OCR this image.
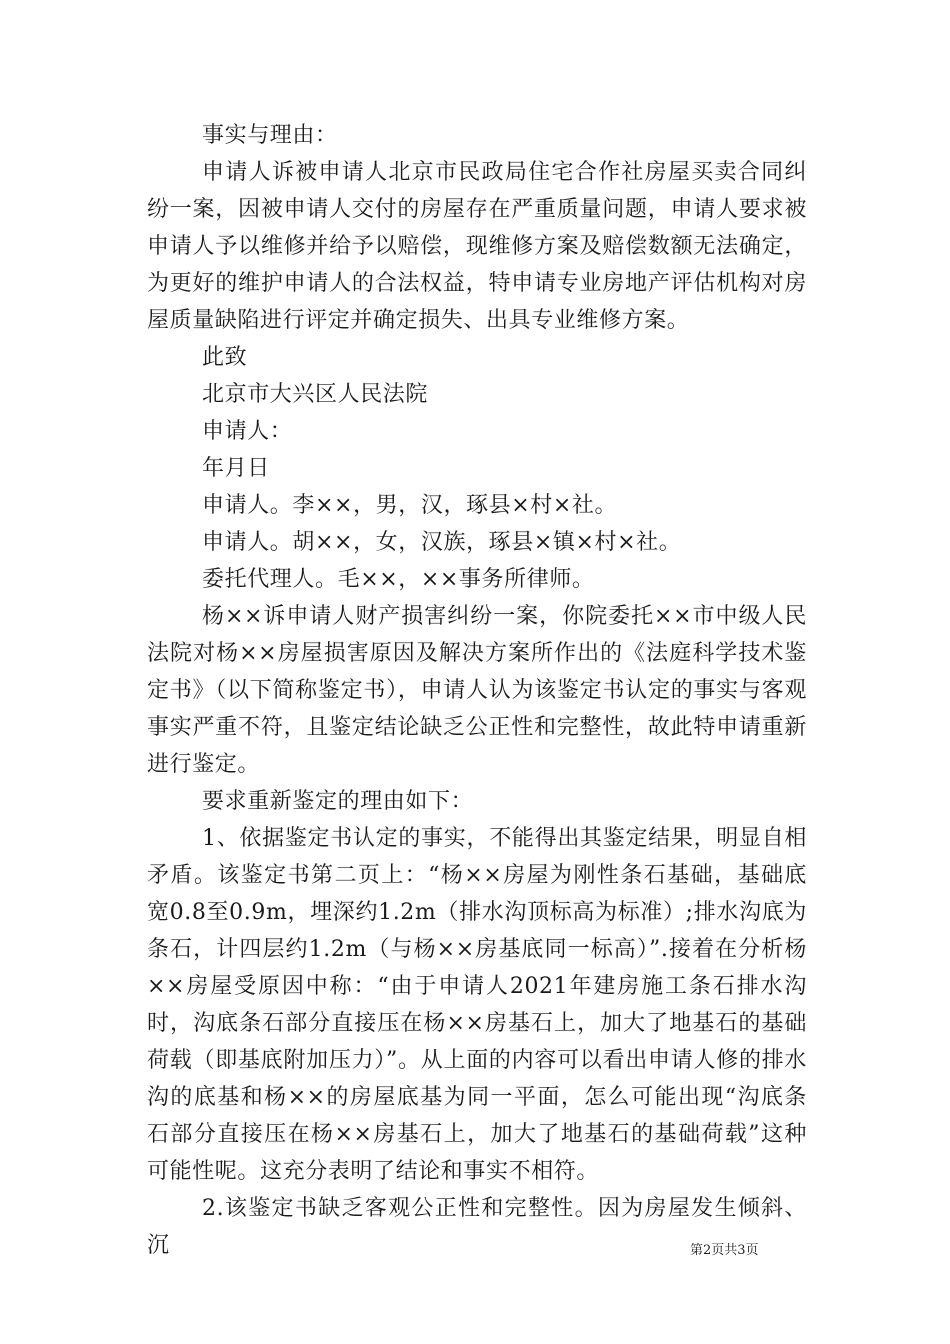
事实与理由：

申请人诉被申请人北京市民政局住宅合作社房屋买卖合同纠纷一案，因被申请人交付的房屋存在严重质量问题，申请人要求被申请人予以维修并给予以赔偿，现维修方案及赔偿数额无法确定，为更好的维护申请人的合法权益，特申请专业房地产评估机构对房屋质量缺陷进行评定并确定损失、出具专业维修方案。

此致

北京市大兴区人民法院

申请人：

年月日

申请人。李××，男，汉，琢县×村×社。

申请人。胡××，女，汉族，琢县×镇×村×社。

委托代理人。毛××，××事务所律师。

杨××诉申请人财产损害纠纷一案，你院委托××市中级人民法院对杨××房屋损害原因及解决方案所作出的《法庭科学技术鉴定书》（以下简称鉴定书），申请人认为该鉴定书认定的事实与客观事实严重不符，且鉴定结论缺乏公正性和完整性，故此特申请重新进行鉴定。

要求重新鉴定的理由如下：

1、依据鉴定书认定的事实，不能得出其鉴定结果，明显自相矛盾。该鉴定书第二页上：“杨××房屋为刚性条石基础，基础底宽0.8至0.9m，埋深约1.2m（排水沟顶标高为标准）;排水沟底为条石，计四层约1.2m（与杨××房基底同一标高）”.接着在分析杨××房屋受原因中称：“由于申请人2021年建房施工条石排水沟时，沟底条石部分直接压在杨××房基石上，加大了地基石的基础荷载（即基底附加压力）”。从上面的内容可以看出申请人修的排水沟的底基和杨××的房屋底基为同一平面，怎么可能出现“沟底条石部分直接压在杨××房基石上，加大了地基石的基础荷载”这种可能性呢。这充分表明了结论和事实不相符。

2.该鉴定书缺乏客观公正性和完整性。因为房屋发生倾斜、沉	第2页共3页
